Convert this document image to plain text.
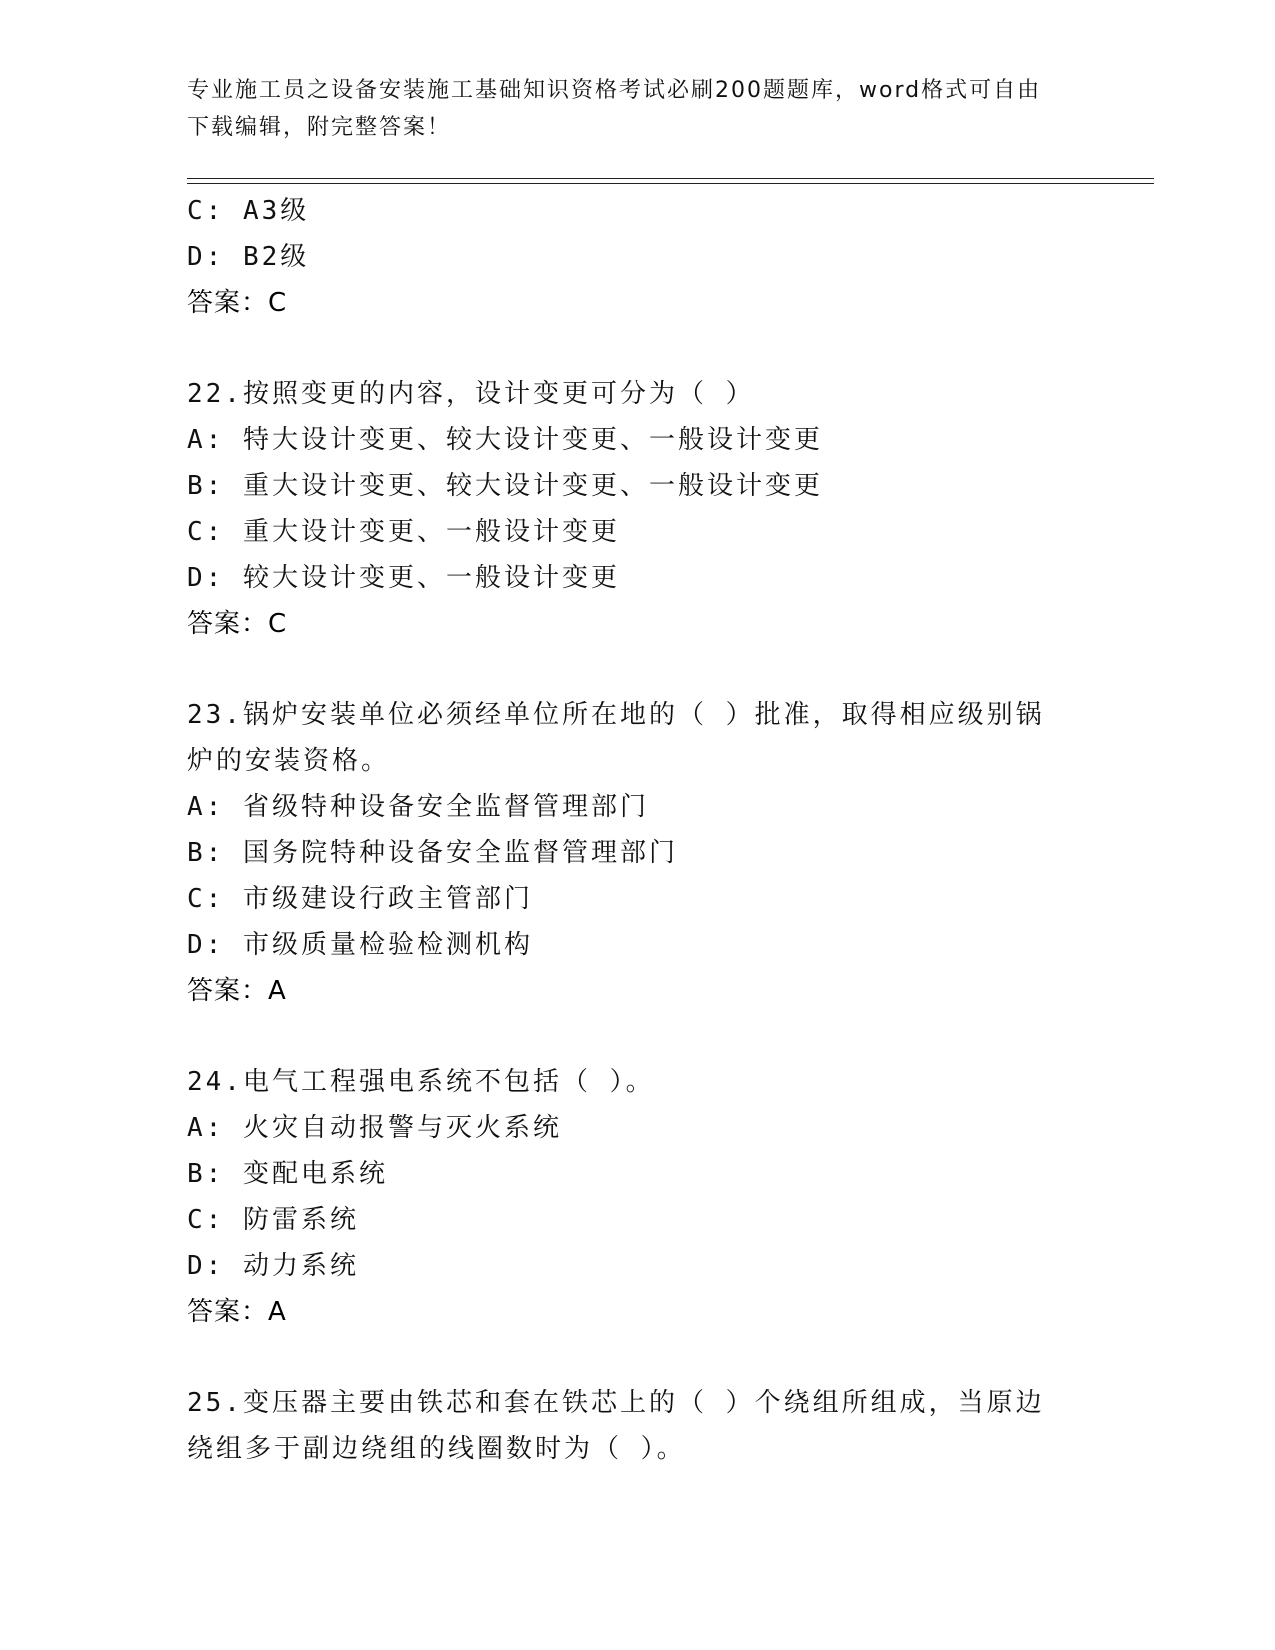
专业施工员之设备安装施工基础知识资格考试必刷200题题库，word格式可自由
下载编辑，附完整答案！
C: A3级
D: B2级
答案：C
22.按照变更的内容，设计变更可分为（ ）
A: 特大设计变更、较大设计变更、一般设计变更
B: 重大设计变更、较大设计变更、一般设计变更
C: 重大设计变更、一般设计变更
D: 较大设计变更、一般设计变更
答案：C
23.锅炉安装单位必须经单位所在地的（ ）批准，取得相应级别锅炉的安装资格。
A: 省级特种设备安全监督管理部门
B: 国务院特种设备安全监督管理部门
C: 市级建设行政主管部门
D: 市级质量检验检测机构
答案：A
24.电气工程强电系统不包括（ ）。
A: 火灾自动报警与灭火系统
B: 变配电系统
C: 防雷系统
D: 动力系统
答案：A
25.变压器主要由铁芯和套在铁芯上的（ ）个绕组所组成，当原边绕组多于副边绕组的线圈数时为（ ）。
